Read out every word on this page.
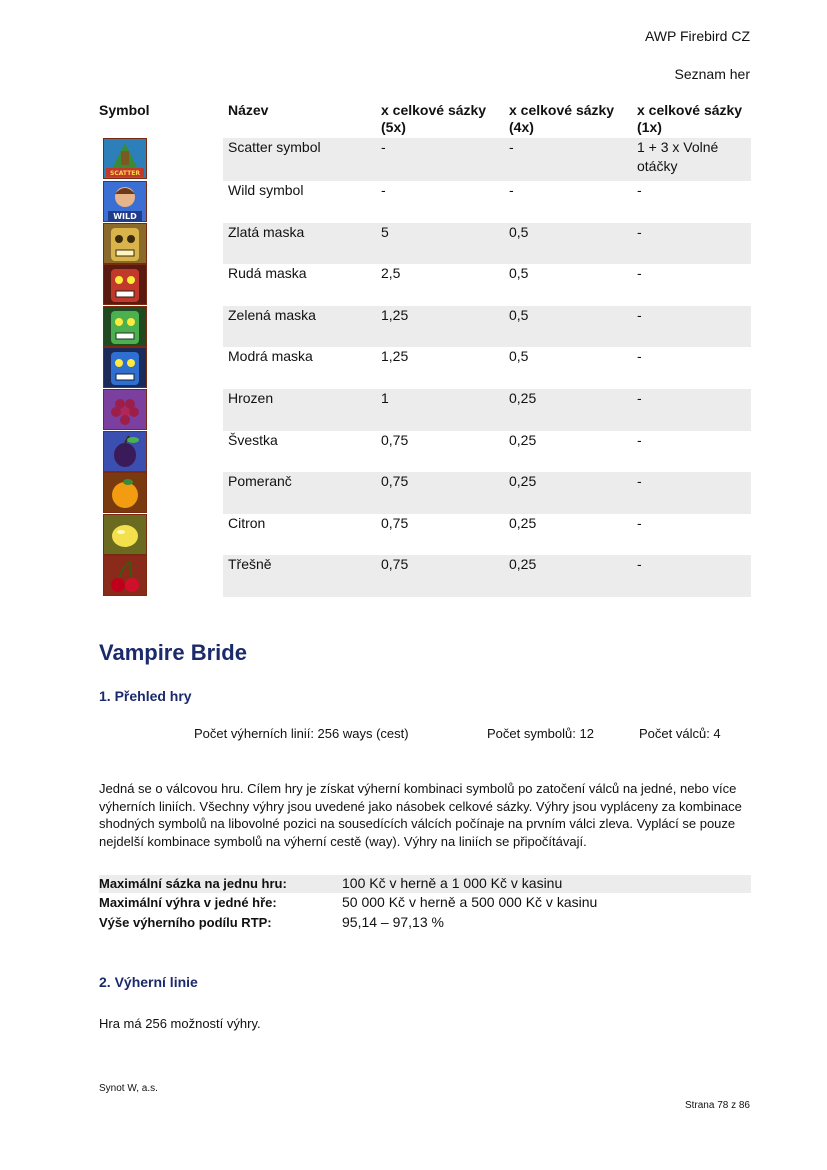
AWP Firebird CZ
Seznam her
Symbol	Název	x celkové sázky (5x)	x celkové sázky (4x)	x celkové sázky (1x)

SCATTER	Scatter symbol	-	-	1 + 3 x Volné otáčky

WILD	Wild symbol	-	-	-

	Zlatá maska	5	0,5	-

	Rudá maska	2,5	0,5	-

	Zelená maska	1,25	0,5	-

	Modrá maska	1,25	0,5	-

	Hrozen	1	0,25	-

	Švestka	0,75	0,25	-

	Pomeranč	0,75	0,25	-

	Citron	0,75	0,25	-

	Třešně	0,75	0,25	-
Vampire Bride
1. Přehled hry
Počet výherních linií: 256 ways (cest)	Počet symbolů: 12	Počet válců: 4

Jedná se o válcovou hru. Cílem hry je získat výherní kombinaci symbolů po zatočení válců na jedné, nebo více výherních liniích. Všechny výhry jsou uvedené jako násobek celkové sázky. Výhry jsou vypláceny za kombinace shodných symbolů na libovolné pozici na sousedících válcích počínaje na prvním válci zleva. Vyplácí se pouze nejdelší kombinace symbolů na výherní cestě (way). Výhry na liniích se připočítávají.

Maximální sázka na jednu hru:	100 Kč v herně a 1 000 Kč v kasinu
Maximální výhra v jedné hře:	50 000 Kč v herně a 500 000 Kč v kasinu
Výše výherního podílu RTP:	95,14 – 97,13 %
2. Výherní linie

Hra má 256 možností výhry.

Synot W, a.s.
Strana 78 z 86
